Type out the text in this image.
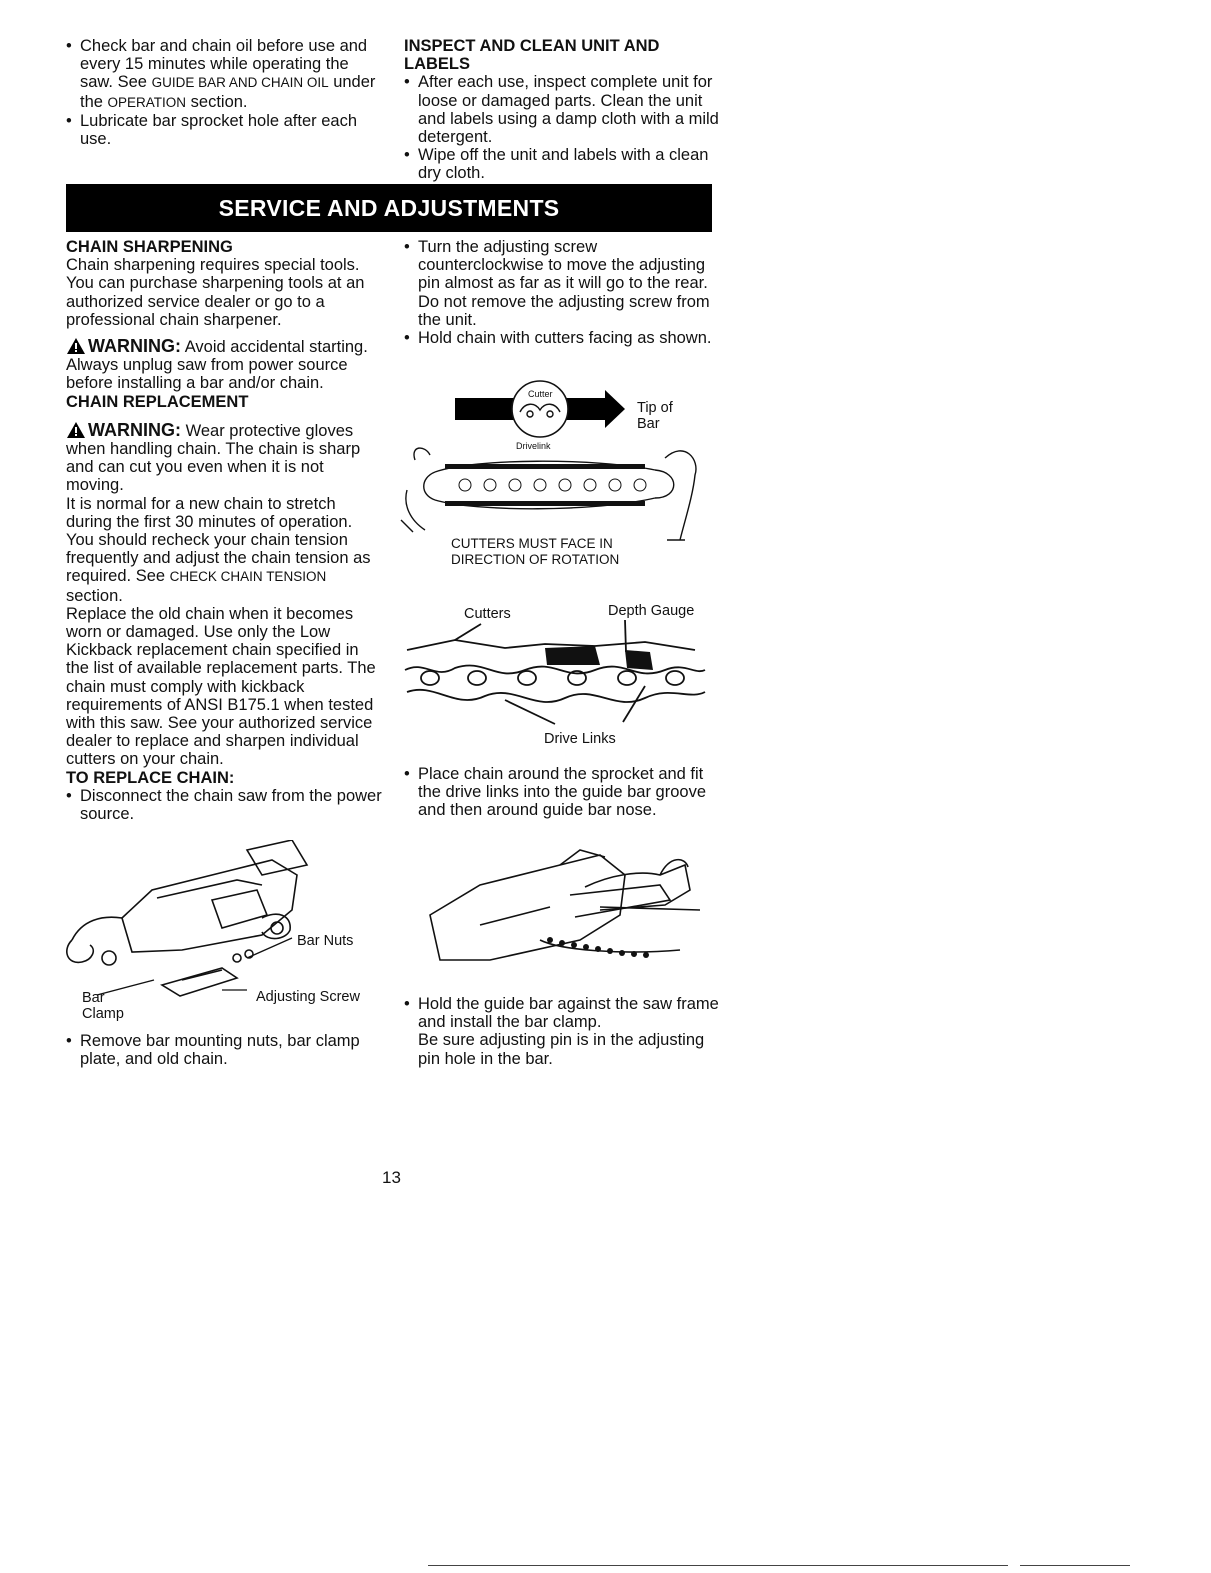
• Check bar and chain oil before use and every 15 minutes while operating the saw. See GUIDE BAR AND CHAIN OIL under the OPERATION section.

• Lubricate bar sprocket hole after each use.

INSPECT AND CLEAN UNIT AND LABELS

• After each use, inspect complete unit for loose or damaged parts. Clean the unit and labels using a damp cloth with a mild detergent.

• Wipe off the unit and labels with a clean dry cloth.

SERVICE AND ADJUSTMENTS

CHAIN SHARPENING

Chain sharpening requires special tools. You can purchase sharpening tools at an authorized service dealer or go to a professional chain sharpener.

WARNING: Avoid accidental starting. Always unplug saw from power source before installing a bar and/or chain.

CHAIN REPLACEMENT

WARNING: Wear protective gloves when handling chain. The chain is sharp and can cut you even when it is not moving.

It is normal for a new chain to stretch during the first 30 minutes of operation. You should recheck your chain tension frequently and adjust the chain tension as required. See CHECK CHAIN TENSION section.

Replace the old chain when it becomes worn or damaged. Use only the Low Kickback replacement chain specified in the list of available replacement parts. The chain must comply with kickback requirements of ANSI B175.1 when tested with this saw. See your authorized service dealer to replace and sharpen individual cutters on your chain.

TO REPLACE CHAIN:

• Disconnect the chain saw from the power source.

Bar Nuts
Adjusting Screw
Bar
Clamp

• Remove bar mounting nuts, bar clamp plate, and old chain.

• Turn the adjusting screw counterclockwise to move the adjusting pin almost as far as it will go to the rear. Do not remove the adjusting screw from the unit.

• Hold chain with cutters facing as shown.

Cutter
Drivelink
Tip of
Bar
CUTTERS MUST FACE IN
DIRECTION OF ROTATION
Cutters	Depth Gauge
Drive Links

• Place chain around the sprocket and fit the drive links into the guide bar groove and then around guide bar nose.

• Hold the guide bar against the saw frame and install the bar clamp.

Be sure adjusting pin is in the adjusting pin hole in the bar.

13
